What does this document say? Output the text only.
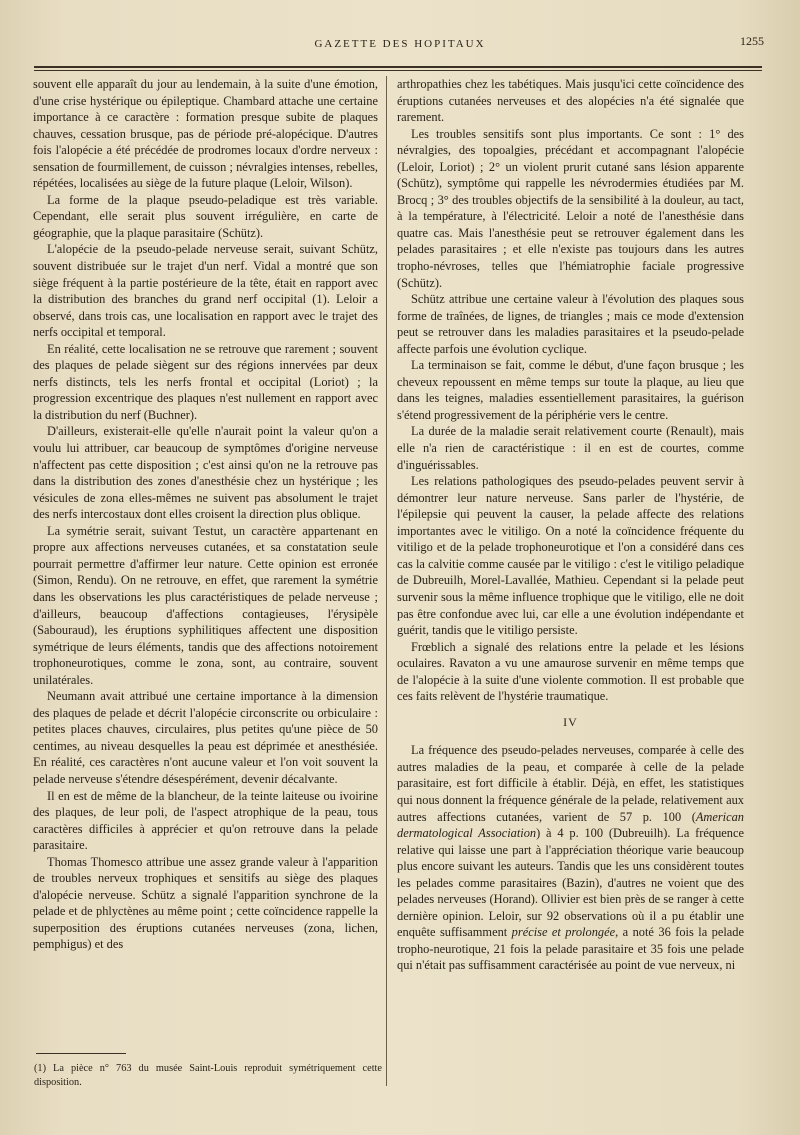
GAZETTE DES HOPITAUX	1255

souvent elle apparaît du jour au lendemain, à la suite d'une émotion, d'une crise hystérique ou épileptique. Chambard attache une certaine importance à ce caractère : formation presque subite de plaques chauves, cessation brusque, pas de période pré-alopécique. D'autres fois l'alopécie a été précédée de prodromes locaux d'ordre nerveux : sensation de fourmillement, de cuisson ; névralgies intenses, rebelles, répétées, localisées au siège de la future plaque (Leloir, Wilson).

La forme de la plaque pseudo-peladique est très variable. Cependant, elle serait plus souvent irrégulière, en carte de géographie, que la plaque parasitaire (Schütz).

L'alopécie de la pseudo-pelade nerveuse serait, suivant Schütz, souvent distribuée sur le trajet d'un nerf. Vidal a montré que son siège fréquent à la partie postérieure de la tête, était en rapport avec la distribution des branches du grand nerf occipital (1). Leloir a observé, dans trois cas, une localisation en rapport avec le trajet des nerfs occipital et temporal.

En réalité, cette localisation ne se retrouve que rarement ; souvent des plaques de pelade siègent sur des régions innervées par deux nerfs distincts, tels les nerfs frontal et occipital (Loriot) ; la progression excentrique des plaques n'est nullement en rapport avec la distribution du nerf (Buchner).

D'ailleurs, existerait-elle qu'elle n'aurait point la valeur qu'on a voulu lui attribuer, car beaucoup de symptômes d'origine nerveuse n'affectent pas cette disposition ; c'est ainsi qu'on ne la retrouve pas dans la distribution des zones d'anesthésie chez un hystérique ; les vésicules de zona elles-mêmes ne suivent pas absolument le trajet des nerfs intercostaux dont elles croisent la direction plus oblique.

La symétrie serait, suivant Testut, un caractère appartenant en propre aux affections nerveuses cutanées, et sa constatation seule pourrait permettre d'affirmer leur nature. Cette opinion est erronée (Simon, Rendu). On ne retrouve, en effet, que rarement la symétrie dans les observations les plus caractéristiques de pelade nerveuse ; d'ailleurs, beaucoup d'affections contagieuses, l'érysipèle (Sabouraud), les éruptions syphilitiques affectent une disposition symétrique de leurs éléments, tandis que des affections notoirement trophoneurotiques, comme le zona, sont, au contraire, souvent unilatérales.

Neumann avait attribué une certaine importance à la dimension des plaques de pelade et décrit l'alopécie circonscrite ou orbiculaire : petites places chauves, circulaires, plus petites qu'une pièce de 50 centimes, au niveau desquelles la peau est déprimée et anesthésiée. En réalité, ces caractères n'ont aucune valeur et l'on voit souvent la pelade nerveuse s'étendre désespérément, devenir décalvante.

Il en est de même de la blancheur, de la teinte laiteuse ou ivoirine des plaques, de leur poli, de l'aspect atrophique de la peau, tous caractères difficiles à apprécier et qu'on retrouve dans la pelade parasitaire.

Thomas Thomesco attribue une assez grande valeur à l'apparition de troubles nerveux trophiques et sensitifs au siège des plaques d'alopécie nerveuse. Schütz a signalé l'apparition synchrone de la pelade et de phlyctènes au même point ; cette coïncidence rappelle la superposition des éruptions cutanées nerveuses (zona, lichen, pemphigus) et des

arthropathies chez les tabétiques. Mais jusqu'ici cette coïncidence des éruptions cutanées nerveuses et des alopécies n'a été signalée que rarement.

Les troubles sensitifs sont plus importants. Ce sont : 1° des névralgies, des topoalgies, précédant et accompagnant l'alopécie (Leloir, Loriot) ; 2° un violent prurit cutané sans lésion apparente (Schütz), symptôme qui rappelle les névrodermies étudiées par M. Brocq ; 3° des troubles objectifs de la sensibilité à la douleur, au tact, à la température, à l'électricité. Leloir a noté de l'anesthésie dans quatre cas. Mais l'anesthésie peut se retrouver également dans les pelades parasitaires ; et elle n'existe pas toujours dans les autres tropho-névroses, telles que l'hémiatrophie faciale progressive (Schütz).

Schütz attribue une certaine valeur à l'évolution des plaques sous forme de traînées, de lignes, de triangles ; mais ce mode d'extension peut se retrouver dans les maladies parasitaires et la pseudo-pelade affecte parfois une évolution cyclique.

La terminaison se fait, comme le début, d'une façon brusque ; les cheveux repoussent en même temps sur toute la plaque, au lieu que dans les teignes, maladies essentiellement parasitaires, la guérison s'étend progressivement de la périphérie vers le centre.

La durée de la maladie serait relativement courte (Renault), mais elle n'a rien de caractéristique : il en est de courtes, comme d'inguérissables.

Les relations pathologiques des pseudo-pelades peuvent servir à démontrer leur nature nerveuse. Sans parler de l'hystérie, de l'épilepsie qui peuvent la causer, la pelade affecte des relations importantes avec le vitiligo. On a noté la coïncidence fréquente du vitiligo et de la pelade trophoneurotique et l'on a considéré dans ces cas la calvitie comme causée par le vitiligo : c'est le vitiligo peladique de Dubreuilh, Morel-Lavallée, Mathieu. Cependant si la pelade peut survenir sous la même influence trophique que le vitiligo, elle ne doit pas être confondue avec lui, car elle a une évolution indépendante et guérit, tandis que le vitiligo persiste.

Frœblich a signalé des relations entre la pelade et les lésions oculaires. Ravaton a vu une amaurose survenir en même temps que de l'alopécie à la suite d'une violente commotion. Il est probable que ces faits relèvent de l'hystérie traumatique.

IV

La fréquence des pseudo-pelades nerveuses, comparée à celle des autres maladies de la peau, et comparée à celle de la pelade parasitaire, est fort difficile à établir. Déjà, en effet, les statistiques qui nous donnent la fréquence générale de la pelade, relativement aux autres affections cutanées, varient de 57 p. 100 (American dermatological Association) à 4 p. 100 (Dubreuilh). La fréquence relative qui laisse une part à l'appréciation théorique varie beaucoup plus encore suivant les auteurs. Tandis que les uns considèrent toutes les pelades comme parasitaires (Bazin), d'autres ne voient que des pelades nerveuses (Horand). Ollivier est bien près de se ranger à cette dernière opinion. Leloir, sur 92 observations où il a pu établir une enquête suffisamment précise et prolongée, a noté 36 fois la pelade tropho-neurotique, 21 fois la pelade parasitaire et 35 fois une pelade qui n'était pas suffisamment caractérisée au point de vue nerveux, ni

(1) La pièce n° 763 du musée Saint-Louis reproduit symétriquement cette disposition.
